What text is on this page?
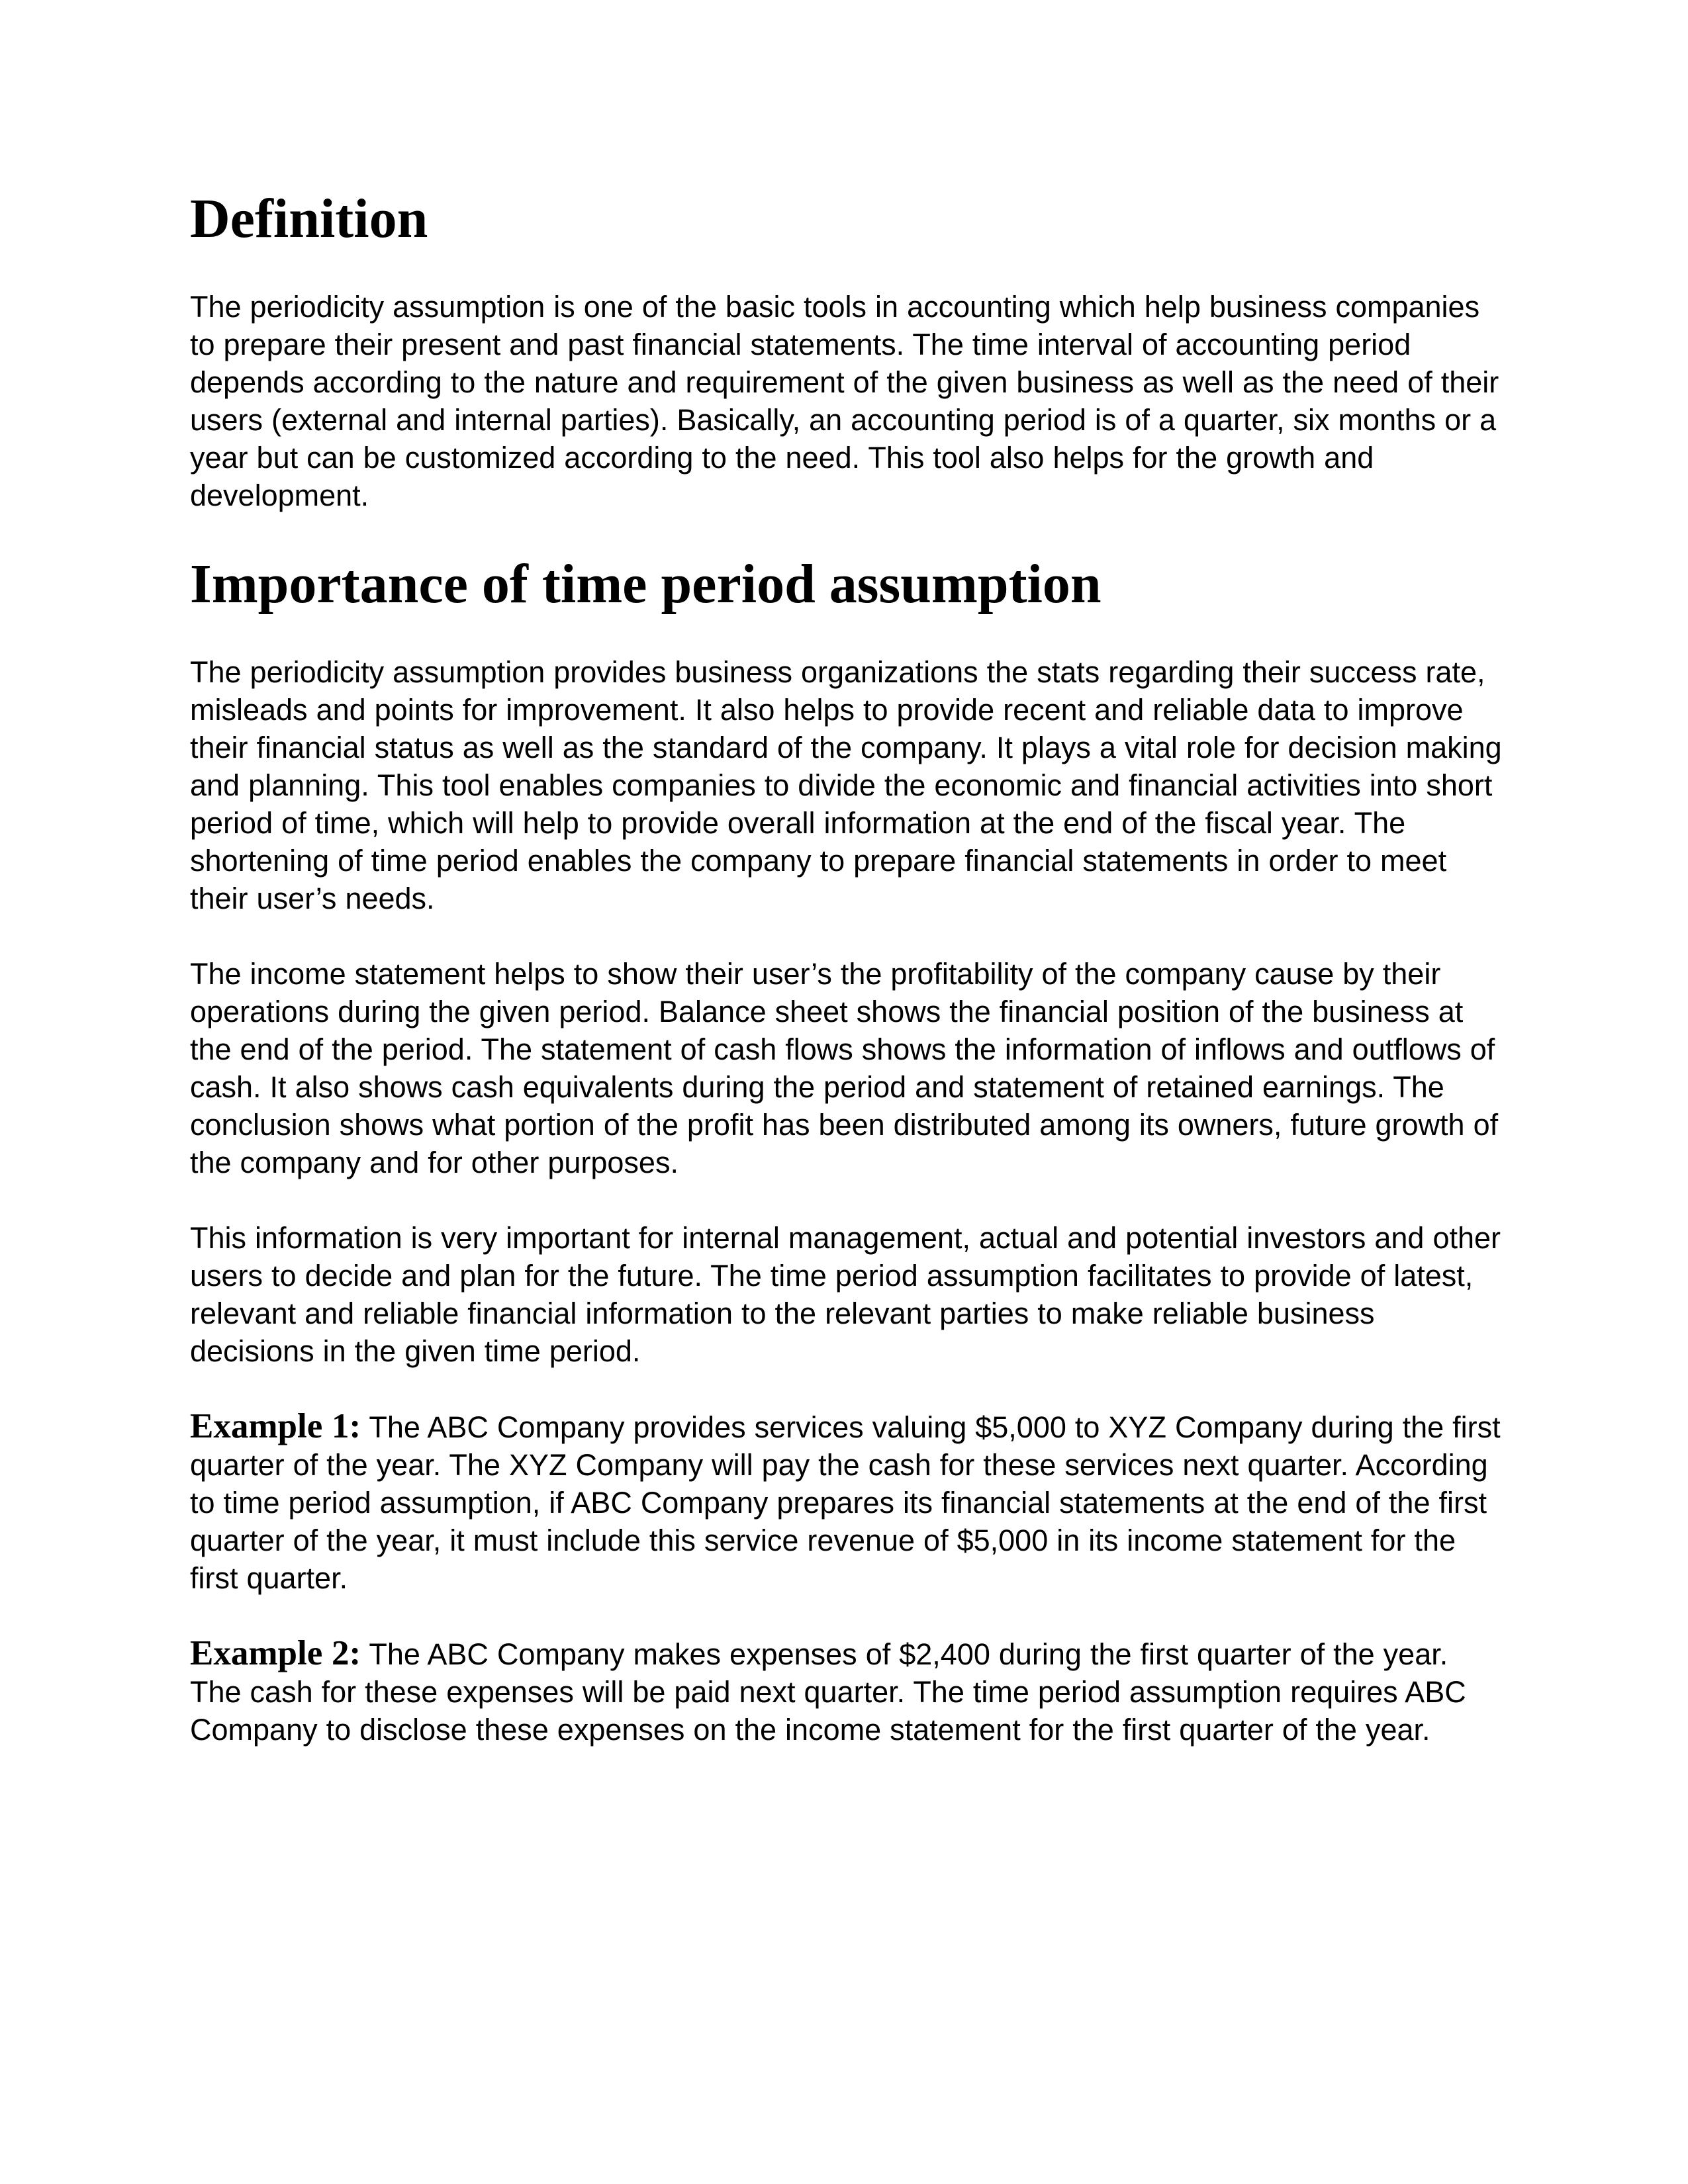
Definition

The periodicity assumption is one of the basic tools in accounting which help business companies to prepare their present and past financial statements. The time interval of accounting period depends according to the nature and requirement of the given business as well as the need of their users (external and internal parties). Basically, an accounting period is of a quarter, six months or a year but can be customized according to the need. This tool also helps for the growth and development.

Importance of time period assumption

The periodicity assumption provides business organizations the stats regarding their success rate, misleads and points for improvement. It also helps to provide recent and reliable data to improve their financial status as well as the standard of the company. It plays a vital role for decision making and planning. This tool enables companies to divide the economic and financial activities into short period of time, which will help to provide overall information at the end of the fiscal year. The shortening of time period enables the company to prepare financial statements in order to meet their user’s needs.

The income statement helps to show their user’s the profitability of the company cause by their operations during the given period. Balance sheet shows the financial position of the business at the end of the period. The statement of cash flows shows the information of inflows and outflows of cash. It also shows cash equivalents during the period and statement of retained earnings. The conclusion shows what portion of the profit has been distributed among its owners, future growth of the company and for other purposes.

This information is very important for internal management, actual and potential investors and other users to decide and plan for the future. The time period assumption facilitates to provide of latest, relevant and reliable financial information to the relevant parties to make reliable business decisions in the given time period.

Example 1: The ABC Company provides services valuing $5,000 to XYZ Company during the first quarter of the year. The XYZ Company will pay the cash for these services next quarter. According to time period assumption, if ABC Company prepares its financial statements at the end of the first quarter of the year, it must include this service revenue of $5,000 in its income statement for the first quarter.

Example 2: The ABC Company makes expenses of $2,400 during the first quarter of the year. The cash for these expenses will be paid next quarter. The time period assumption requires ABC Company to disclose these expenses on the income statement for the first quarter of the year.
